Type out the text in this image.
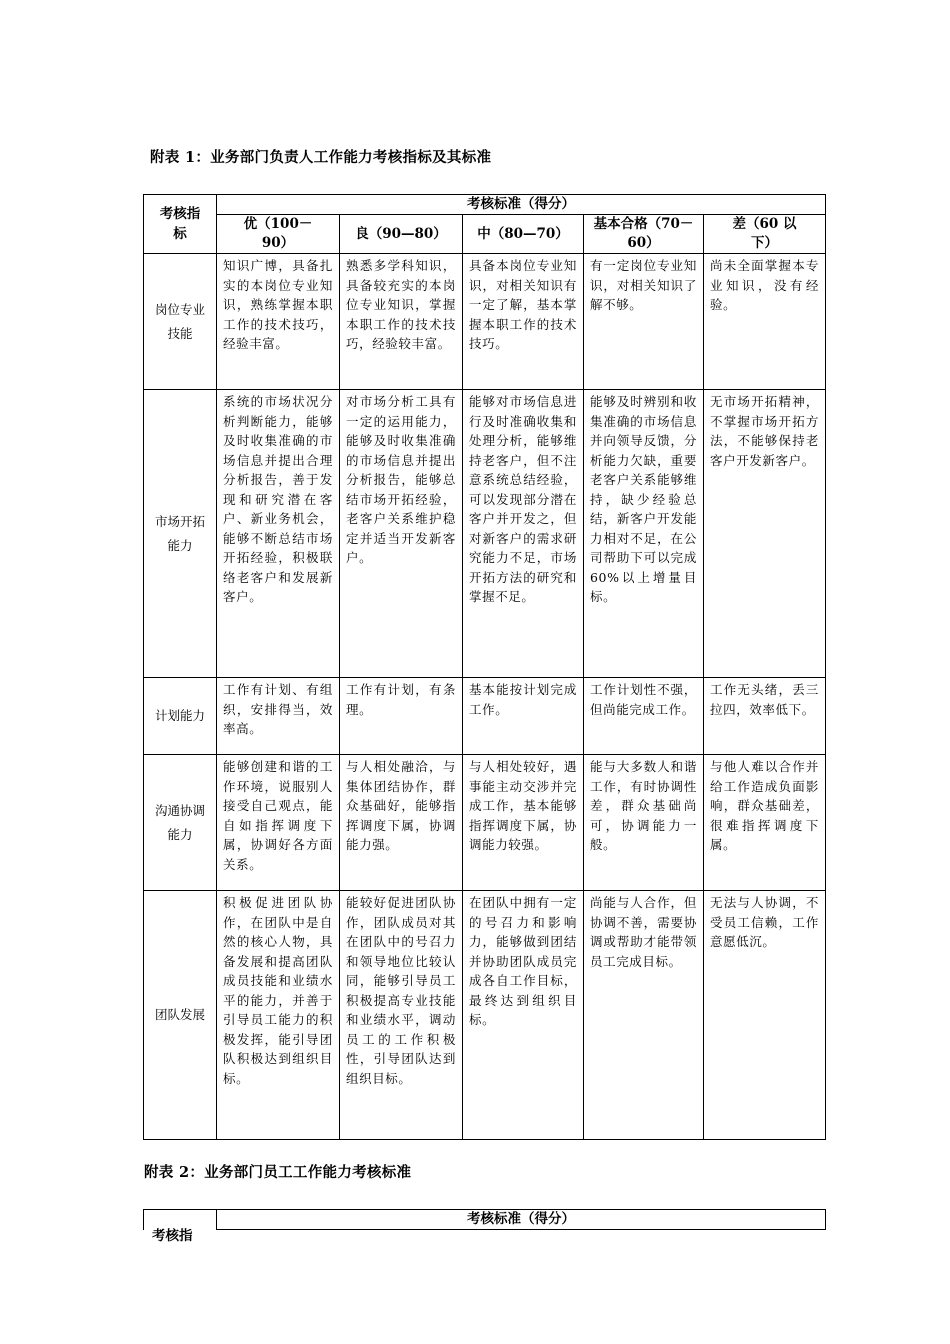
附表 1：业务部门负责人工作能力考核指标及其标准
考核指标	考核标准（得分）				
	优（100－90）	良（90—80）	中（80—70）	基本合格（70－60）	差（60 以下）
岗位专业技能	知识广博，具备扎实的本岗位专业知识，熟练掌握本职工作的技术技巧，经验丰富。	熟悉多学科知识，具备较充实的本岗位专业知识，掌握本职工作的技术技巧，经验较丰富。	具备本岗位专业知识，对相关知识有一定了解，基本掌握本职工作的技术技巧。	有一定岗位专业知识，对相关知识了解不够。	尚未全面掌握本专业知识，没有经验。
市场开拓能力	系统的市场状况分析判断能力，能够及时收集准确的市场信息并提出合理分析报告，善于发现和研究潜在客户、新业务机会，能够不断总结市场开拓经验，积极联络老客户和发展新客户。	对市场分析工具有一定的运用能力，能够及时收集准确的市场信息并提出分析报告，能够总结市场开拓经验，老客户关系维护稳定并适当开发新客户。	能够对市场信息进行及时准确收集和处理分析，能够维持老客户，但不注意系统总结经验，可以发现部分潜在客户并开发之，但对新客户的需求研究能力不足，市场开拓方法的研究和掌握不足。	能够及时辨别和收集准确的市场信息并向领导反馈，分析能力欠缺，重要老客户关系能够维持，缺少经验总结，新客户开发能力相对不足，在公司帮助下可以完成60%以上增量目标。	无市场开拓精神，不掌握市场开拓方法，不能够保持老客户开发新客户。
计划能力	工作有计划、有组织，安排得当，效率高。	工作有计划，有条理。	基本能按计划完成工作。	工作计划性不强，但尚能完成工作。	工作无头绪，丢三拉四，效率低下。
沟通协调能力	能够创建和谐的工作环境，说服别人接受自己观点，能自如指挥调度下属，协调好各方面关系。	与人相处融洽，与集体团结协作，群众基础好，能够指挥调度下属，协调能力强。	与人相处较好，遇事能主动交涉并完成工作，基本能够指挥调度下属，协调能力较强。	能与大多数人和谐工作，有时协调性差，群众基础尚可，协调能力一般。	与他人难以合作并给工作造成负面影响，群众基础差，很难指挥调度下属。
团队发展	积极促进团队协作，在团队中是自然的核心人物，具备发展和提高团队成员技能和业绩水平的能力，并善于引导员工能力的积极发挥，能引导团队积极达到组织目标。	能较好促进团队协作，团队成员对其在团队中的号召力和领导地位比较认同，能够引导员工积极提高专业技能和业绩水平，调动员工的工作积极性，引导团队达到组织目标。	在团队中拥有一定的号召力和影响力，能够做到团结并协助团队成员完成各自工作目标，最终达到组织目标。	尚能与人合作，但协调不善，需要协调或帮助才能带领员工完成目标。	无法与人协调，不受员工信赖，工作意愿低沉。
附表 2：业务部门员工工作能力考核标准
	考核标准（得分）
考核指
